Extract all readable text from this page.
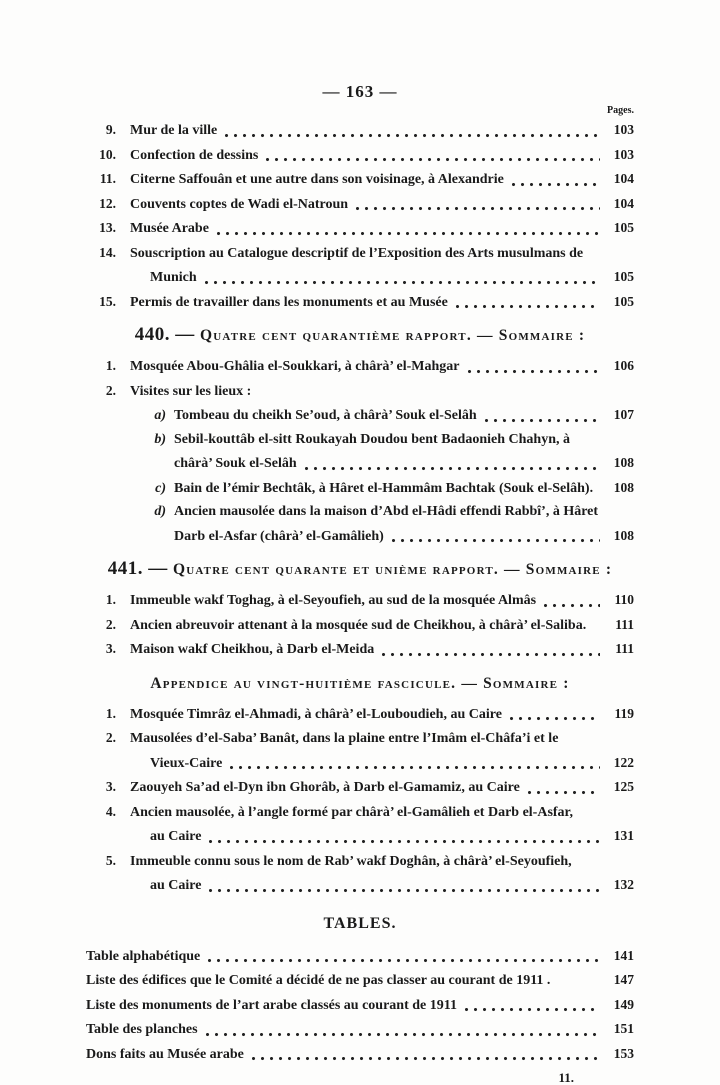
— 163 —
Pages.
9. Mur de la ville	103
10. Confection de dessins	103
11. Citerne Saffouân et une autre dans son voisinage, à Alexandrie	104
12. Couvents coptes de Wadi el-Natroun	104
13. Musée Arabe	105
14. Souscription au Catalogue descriptif de l’Exposition des Arts musulmans de
Munich	105
15. Permis de travailler dans les monuments et au Musée	105
440. — Quatre cent quarantième rapport. — Sommaire :
1. Mosquée Abou-Ghâlia el-Soukkari, à chârà’ el-Mahgar	106
2. Visites sur les lieux :
a) Tombeau du cheikh Se’oud, à chârà’ Souk el-Selâh	107
b) Sebil-kouttâb el-sitt Roukayah Doudou bent Badaonieh Chahyn, à
chârà’ Souk el-Selâh	108
c) Bain de l’émir Bechtâk, à Hâret el-Hammâm Bachtak (Souk el-Selâh).	108
d) Ancien mausolée dans la maison d’Abd el-Hâdi effendi Rabbî’, à Hâret
Darb el-Asfar (chârà’ el-Gamâlieh)	108
441. — Quatre cent quarante et unième rapport. — Sommaire :
1. Immeuble wakf Toghag, à el-Seyoufieh, au sud de la mosquée Almâs	110
2. Ancien abreuvoir attenant à la mosquée sud de Cheikhou, à chârà’ el-Saliba.	111
3. Maison wakf Cheikhou, à Darb el-Meida	111
Appendice au vingt-huitième fascicule. — Sommaire :
1. Mosquée Timrâz el-Ahmadi, à chârà’ el-Louboudieh, au Caire	119
2. Mausolées d’el-Saba’ Banât, dans la plaine entre l’Imâm el-Châfa’i et le
Vieux-Caire	122
3. Zaouyeh Sa’ad el-Dyn ibn Ghorâb, à Darb el-Gamamiz, au Caire	125
4. Ancien mausolée, à l’angle formé par chârà’ el-Gamâlieh et Darb el-Asfar,
au Caire	131
5. Immeuble connu sous le nom de Rab’ wakf Doghân, à chârà’ el-Seyoufieh,
au Caire	132
TABLES.
Table alphabétique	141
Liste des édifices que le Comité a décidé de ne pas classer au courant de 1911 .	147
Liste des monuments de l’art arabe classés au courant de 1911	149
Table des planches	151
Dons faits au Musée arabe	153
11.
